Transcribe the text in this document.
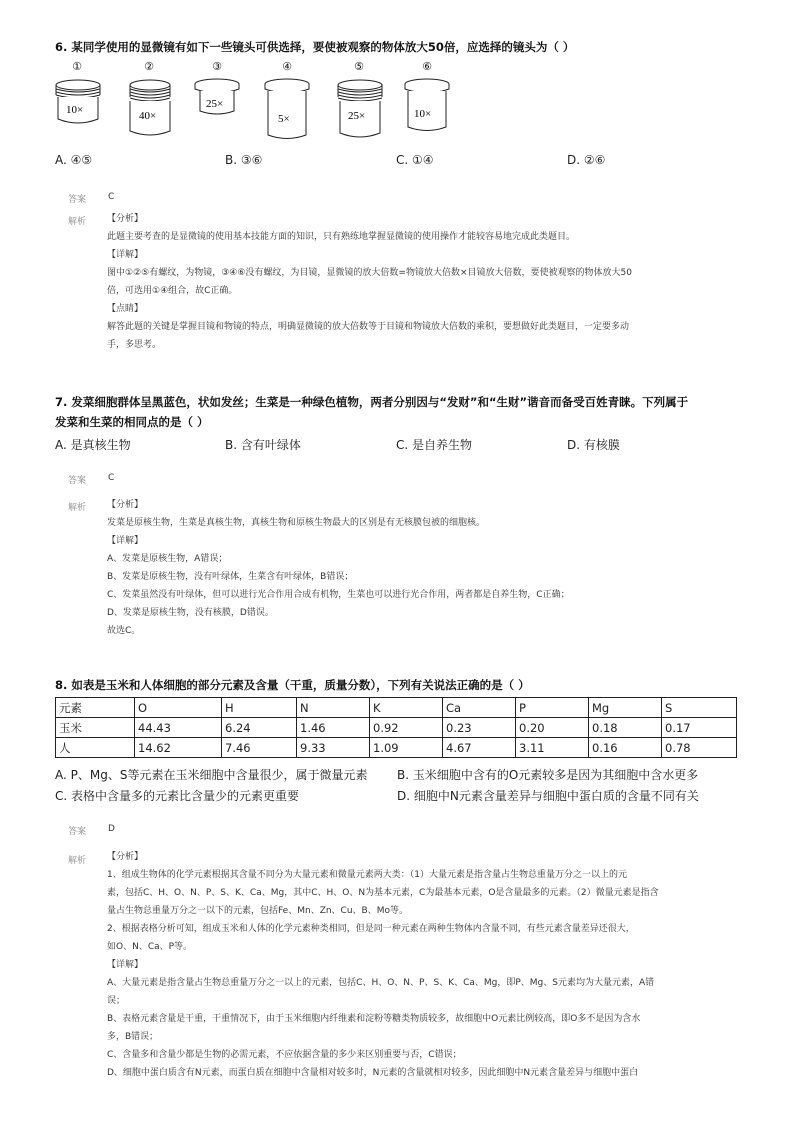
6. 某同学使用的显微镜有如下一些镜头可供选择，要使被观察的物体放大50倍，应选择的镜头为（ ）
①
10×
②
40×
③
25×
④
5×
⑤
25×
⑥
10×
A. ④⑤	B. ③⑥	C. ①④	D. ②⑥
答案 C
解析 【分析】
此题主要考查的是显微镜的使用基本技能方面的知识，只有熟练地掌握显微镜的使用操作才能较容易地完成此类题目。
【详解】
图中①②⑤有螺纹，为物镜，③④⑥没有螺纹，为目镜，显微镜的放大倍数=物镜放大倍数×目镜放大倍数，要使被观察的物体放大50
倍，可选用①④组合，故C正确。
【点睛】
解答此题的关键是掌握目镜和物镜的特点，明确显微镜的放大倍数等于目镜和物镜放大倍数的乘积，要想做好此类题目，一定要多动
手，多思考。
7. 发菜细胞群体呈黑蓝色，状如发丝；生菜是一种绿色植物，两者分别因与“发财”和“生财”谐音而备受百姓青睐。下列属于
发菜和生菜的相同点的是（ ）
A. 是真核生物	B. 含有叶绿体	C. 是自养生物	D. 有核膜
答案 C
解析 【分析】
发菜是原核生物，生菜是真核生物，真核生物和原核生物最大的区别是有无核膜包被的细胞核。
【详解】
A、发菜是原核生物，A错误；
B、发菜是原核生物，没有叶绿体，生菜含有叶绿体，B错误；
C、发菜虽然没有叶绿体，但可以进行光合作用合成有机物，生菜也可以进行光合作用，两者都是自养生物，C正确；
D、发菜是原核生物，没有核膜，D错误。
故选C。
8. 如表是玉米和人体细胞的部分元素及含量（干重，质量分数），下列有关说法正确的是（ ）
元素	O	H	N	K	Ca	P	Mg	S
玉米	44.43	6.24	1.46	0.92	0.23	0.20	0.18	0.17
人	14.62	7.46	9.33	1.09	4.67	3.11	0.16	0.78
A. P、Mg、S等元素在玉米细胞中含量很少，属于微量元素 B. 玉米细胞中含有的O元素较多是因为其细胞中含水更多
C. 表格中含量多的元素比含量少的元素更重要	D. 细胞中N元素含量差异与细胞中蛋白质的含量不同有关
答案 D
解析 【分析】
1、组成生物体的化学元素根据其含量不同分为大量元素和微量元素两大类：（1）大量元素是指含量占生物总重量万分之一以上的元
素，包括C、H、O、N、P、S、K、Ca、Mg，其中C、H、O、N为基本元素，C为最基本元素，O是含量最多的元素。（2）微量元素是指含
量占生物总重量万分之一以下的元素，包括Fe、Mn、Zn、Cu、B、Mo等。
2、根据表格分析可知，组成玉米和人体的化学元素种类相同，但是同一种元素在两种生物体内含量不同，有些元素含量差异还很大，
如O、N、Ca、P等。
【详解】
A、大量元素是指含量占生物总重量万分之一以上的元素，包括C、H、O、N、P、S、K、Ca、Mg，即P、Mg、S元素均为大量元素，A错
误；
B、表格元素含量是干重，干重情况下，由于玉米细胞内纤维素和淀粉等糖类物质较多，故细胞中O元素比例较高，即O多不是因为含水
多，B错误；
C、含量多和含量少都是生物的必需元素，不应依据含量的多少来区别重要与否，C错误；
D、细胞中蛋白质含有N元素，而蛋白质在细胞中含量相对较多时，N元素的含量就相对较多，因此细胞中N元素含量差异与细胞中蛋白
